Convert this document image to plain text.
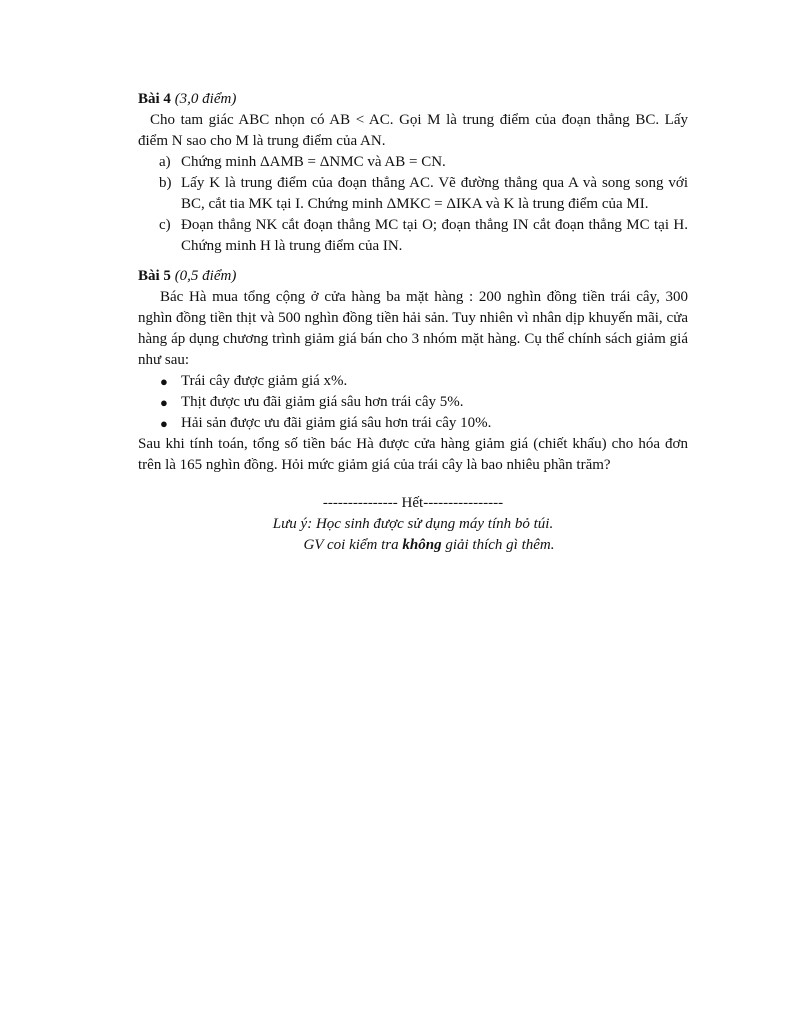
Bài 4 (3,0 điểm)

Cho tam giác ABC nhọn có AB < AC. Gọi M là trung điểm của đoạn thẳng BC. Lấy điểm N sao cho M là trung điểm của AN.

a) Chứng minh ΔAMB = ΔNMC và AB = CN.
b) Lấy K là trung điểm của đoạn thẳng AC. Vẽ đường thẳng qua A và song song với BC, cắt tia MK tại I. Chứng minh ΔMKC = ΔIKA và K là trung điểm của MI.
c) Đoạn thẳng NK cắt đoạn thẳng MC tại O; đoạn thẳng IN cắt đoạn thẳng MC tại H. Chứng minh H là trung điểm của IN.
Bài 5 (0,5 điểm)

Bác Hà mua tổng cộng ở cửa hàng ba mặt hàng : 200 nghìn đồng tiền trái cây, 300 nghìn đồng tiền thịt và 500 nghìn đồng tiền hải sản. Tuy nhiên vì nhân dịp khuyến mãi, cửa hàng áp dụng chương trình giảm giá bán cho 3 nhóm mặt hàng. Cụ thể chính sách giảm giá như sau:

● Trái cây được giảm giá x%.
● Thịt được ưu đãi giảm giá sâu hơn trái cây 5%.
● Hải sản được ưu đãi giảm giá sâu hơn trái cây 10%.

Sau khi tính toán, tổng số tiền bác Hà được cửa hàng giảm giá (chiết khấu) cho hóa đơn trên là 165 nghìn đồng. Hỏi mức giảm giá của trái cây là bao nhiêu phần trăm?

--------------- Hết----------------
Lưu ý: Học sinh được sử dụng máy tính bỏ túi.
GV coi kiểm tra không giải thích gì thêm.
